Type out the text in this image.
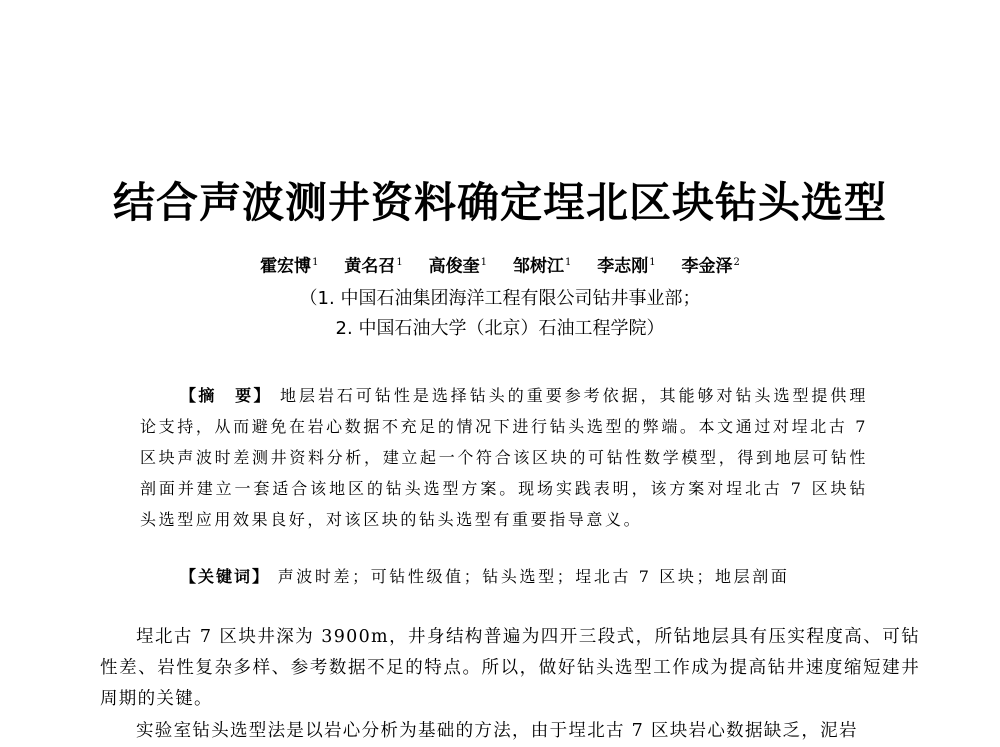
结合声波测井资料确定埕北区块钻头选型
霍宏博$^1$ 黄名召$^1$ 高俊奎$^1$ 邹树江$^1$ 李志刚$^1$ 李金泽$^2$
（1. 中国石油集团海洋工程有限公司钻井事业部；
2. 中国石油大学（北京）石油工程学院）
【摘　要】 地层岩石可钻性是选择钻头的重要参考依据，其能够对钻头选型提供理论支持，从而避免在岩心数据不充足的情况下进行钻头选型的弊端。本文通过对埕北古 7 区块声波时差测井资料分析，建立起一个符合该区块的可钻性数学模型，得到地层可钻性剖面并建立一套适合该地区的钻头选型方案。现场实践表明，该方案对埕北古 7 区块钻头选型应用效果良好，对该区块的钻头选型有重要指导意义。
【关键词】 声波时差；可钻性级值；钻头选型；埕北古 7 区块；地层剖面

埕北古 7 区块井深为 3900m，井身结构普遍为四开三段式，所钻地层具有压实程度高、可钻性差、岩性复杂多样、参考数据不足的特点。所以，做好钻头选型工作成为提高钻井速度缩短建井周期的关键。

实验室钻头选型法是以岩心分析为基础的方法，由于埕北古 7 区块岩心数据缺乏，泥岩
